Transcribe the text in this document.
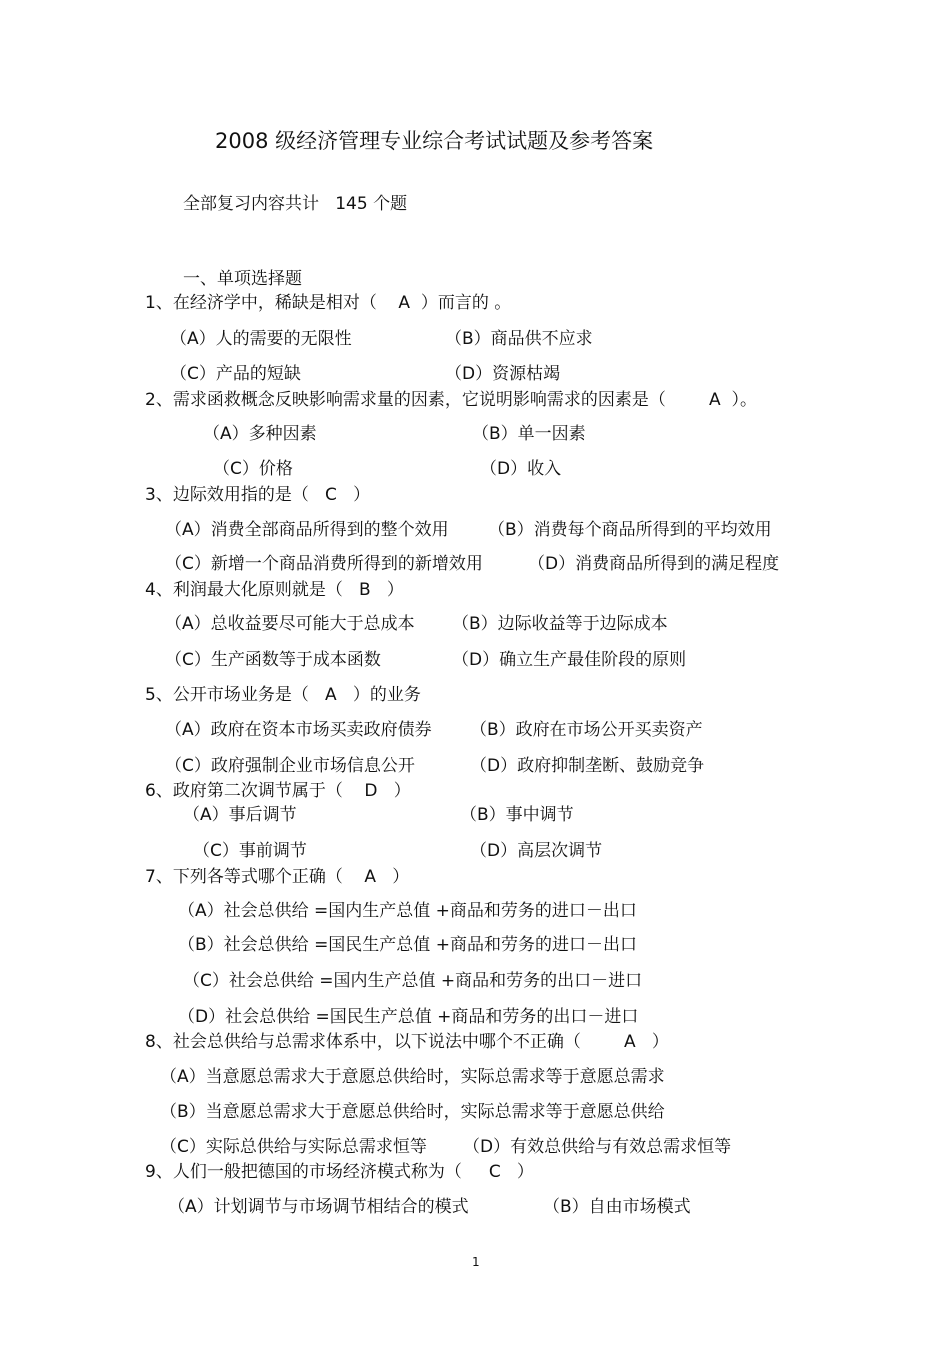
2008 级经济管理专业综合考试试题及参考答案
全部复习内容共计   145 个题
一、单项选择题
1、在经济学中，稀缺是相对（    A  ）而言的 。
（A）人的需要的无限性	（B）商品供不应求
（C）产品的短缺	（D）资源枯竭
2、需求函救概念反映影响需求量的因素，它说明影响需求的因素是（        A  ）。
（A）多种因素	（B）单一因素
（C）价格	（D）收入
3、边际效用指的是（   C   ）
（A）消费全部商品所得到的整个效用 （B）消费每个商品所得到的平均效用
（C）新增一个商品消费所得到的新增效用	（D）消费商品所得到的满足程度
4、利润最大化原则就是（   B   ）
（A）总收益要尽可能大于总成本 （B）边际收益等于边际成本
（C）生产函数等于成本函数	（D）确立生产最佳阶段的原则
5、公开市场业务是（   A   ）的业务
（A）政府在资本市场买卖政府债券 （B）政府在市场公开买卖资产
（C）政府强制企业市场信息公开	（D）政府抑制垄断、鼓励竞争
6、政府第二次调节属于（    D   ）
（A）事后调节	（B）事中调节
（C）事前调节	（D）高层次调节
7、下列各等式哪个正确（    A   ）
（A）社会总供给 =国内生产总值 +商品和劳务的进口－出口
（B）社会总供给 =国民生产总值 +商品和劳务的进口－出口
（C）社会总供给 =国内生产总值 +商品和劳务的出口－进口
（D）社会总供给 =国民生产总值 +商品和劳务的出口－进口
8、社会总供给与总需求体系中，以下说法中哪个不正确（        A   ）
（A）当意愿总需求大于意愿总供给时，实际总需求等于意愿总需求
（B）当意愿总需求大于意愿总供给时，实际总需求等于意愿总供给
（C）实际总供给与实际总需求恒等 （D）有效总供给与有效总需求恒等
9、人们一般把德国的市场经济模式称为（     C   ）
（A）计划调节与市场调节相结合的模式	（B）自由市场模式
1
